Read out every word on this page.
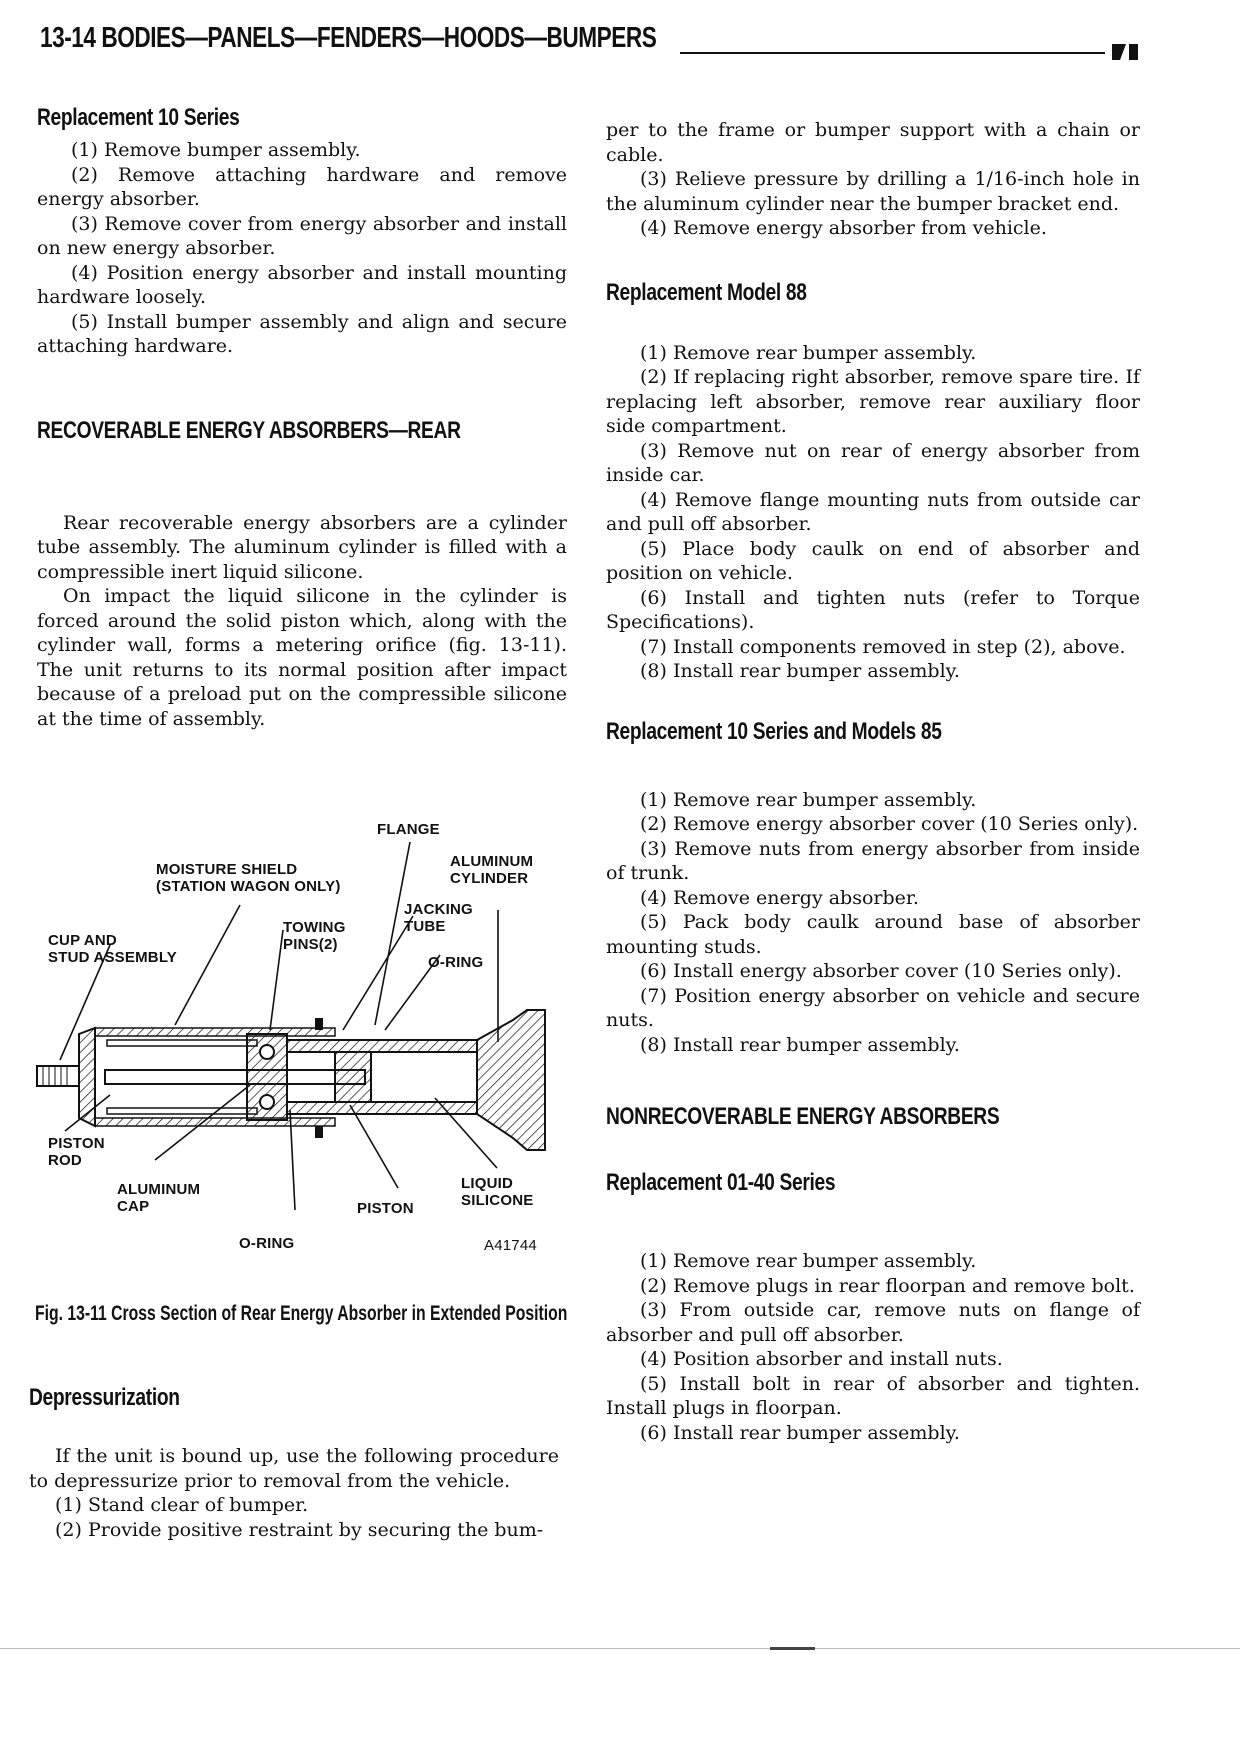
13-14 BODIES—PANELS—FENDERS—HOODS—BUMPERS
Replacement 10 Series

(1) Remove bumper assembly.

(2) Remove attaching hardware and remove energy absorber.

(3) Remove cover from energy absorber and install on new energy absorber.

(4) Position energy absorber and install mounting hardware loosely.

(5) Install bumper assembly and align and secure attaching hardware.

RECOVERABLE ENERGY ABSORBERS—REAR

Rear recoverable energy absorbers are a cylinder tube assembly. The aluminum cylinder is filled with a compressible inert liquid silicone.

On impact the liquid silicone in the cylinder is forced around the solid piston which, along with the cylinder wall, forms a metering orifice (fig. 13-11). The unit returns to its normal position after impact because of a preload put on the compressible silicone at the time of assembly.

FLANGE
ALUMINUM
CYLINDER
MOISTURE SHIELD
(STATION WAGON ONLY)
JACKING
TUBE
TOWING
PINS(2)
CUP AND
STUD ASSEMBLY	O-RING
PISTON
ROD
ALUMINUM
CAP
LIQUID
SILICONE
PISTON
O-RING	A41744
Fig. 13-11 Cross Section of Rear Energy Absorber in Extended Position
Depressurization

If the unit is bound up, use the following procedure to depressurize prior to removal from the vehicle.

(1) Stand clear of bumper.

(2) Provide positive restraint by securing the bum-

per to the frame or bumper support with a chain or cable.

(3) Relieve pressure by drilling a 1/16-inch hole in the aluminum cylinder near the bumper bracket end.

(4) Remove energy absorber from vehicle.

Replacement Model 88

(1) Remove rear bumper assembly.

(2) If replacing right absorber, remove spare tire. If replacing left absorber, remove rear auxiliary floor side compartment.

(3) Remove nut on rear of energy absorber from inside car.

(4) Remove flange mounting nuts from outside car and pull off absorber.

(5) Place body caulk on end of absorber and position on vehicle.

(6) Install and tighten nuts (refer to Torque Specifications).

(7) Install components removed in step (2), above.

(8) Install rear bumper assembly.

Replacement 10 Series and Models 85

(1) Remove rear bumper assembly.

(2) Remove energy absorber cover (10 Series only).

(3) Remove nuts from energy absorber from inside of trunk.

(4) Remove energy absorber.

(5) Pack body caulk around base of absorber mounting studs.

(6) Install energy absorber cover (10 Series only).

(7) Position energy absorber on vehicle and secure nuts.

(8) Install rear bumper assembly.

NONRECOVERABLE ENERGY ABSORBERS
Replacement 01-40 Series

(1) Remove rear bumper assembly.

(2) Remove plugs in rear floorpan and remove bolt.

(3) From outside car, remove nuts on flange of absorber and pull off absorber.

(4) Position absorber and install nuts.

(5) Install bolt in rear of absorber and tighten. Install plugs in floorpan.

(6) Install rear bumper assembly.
